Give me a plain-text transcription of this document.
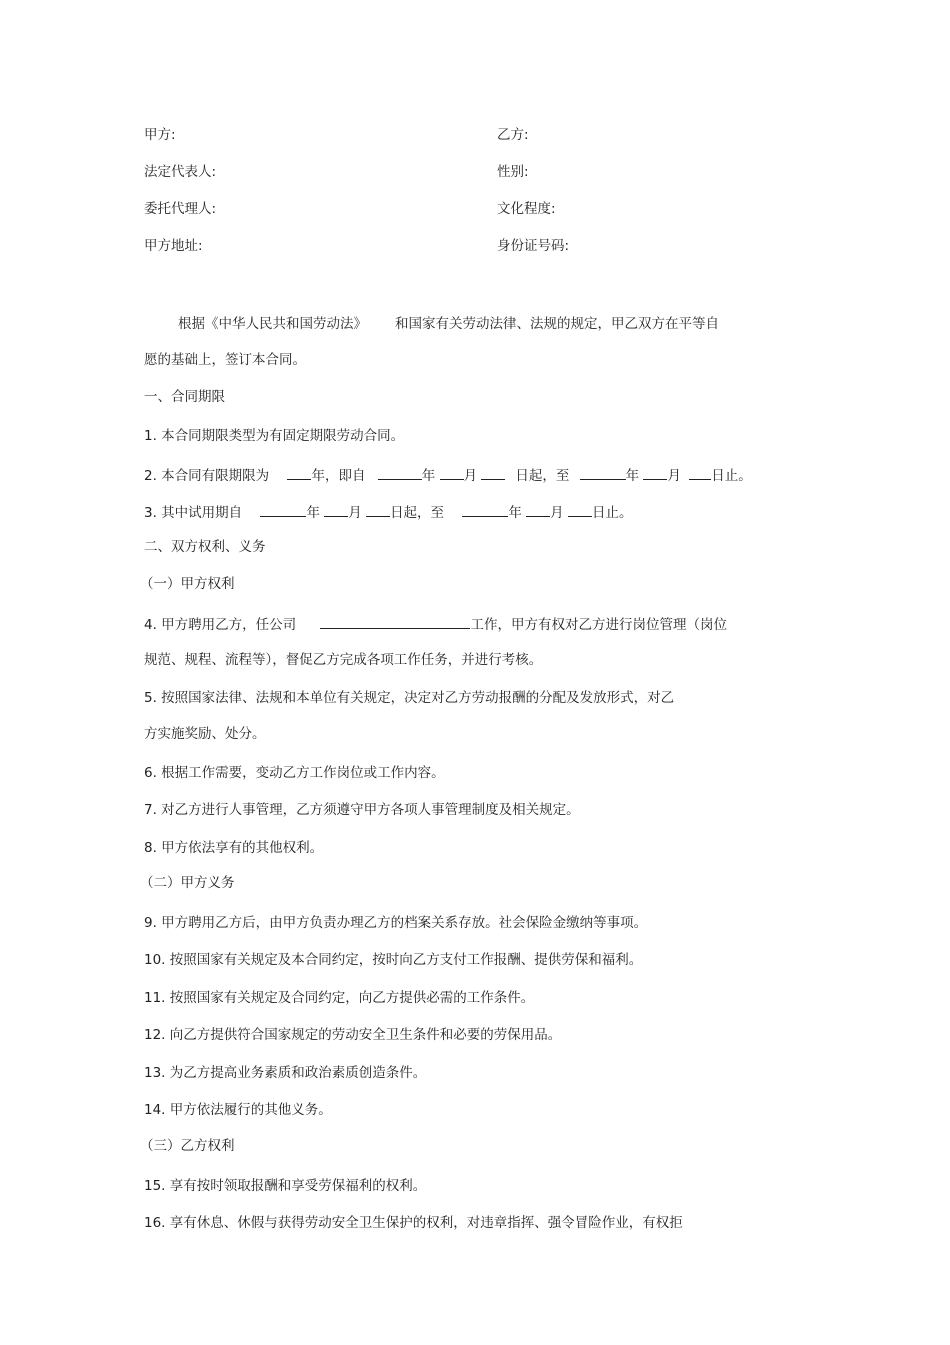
甲方:	乙方:
法定代表人:	性别:
委托代理人:	文化程度:
甲方地址:	身份证号码:
根据《中华人民共和国劳动法》 和国家有关劳动法律、法规的规定，甲乙双方在平等自
愿的基础上，签订本合同。
一、合同期限
1. 本合同期限类型为有固定期限劳动合同。
2. 本合同有限期限为	年，即自	年 月	日起，至	年 月 日止。
3. 其中试用期自	年 月 日起，至	年 月 日止。
二、双方权利、义务
（一）甲方权利
4. 甲方聘用乙方，任公司	工作，甲方有权对乙方进行岗位管理（岗位
规范、规程、流程等），督促乙方完成各项工作任务，并进行考核。
5. 按照国家法律、法规和本单位有关规定，决定对乙方劳动报酬的分配及发放形式，对乙
方实施奖励、处分。
6. 根据工作需要，变动乙方工作岗位或工作内容。
7. 对乙方进行人事管理，乙方须遵守甲方各项人事管理制度及相关规定。
8. 甲方依法享有的其他权利。
（二）甲方义务
9. 甲方聘用乙方后，由甲方负责办理乙方的档案关系存放。社会保险金缴纳等事项。
10. 按照国家有关规定及本合同约定，按时向乙方支付工作报酬、提供劳保和福利。
11. 按照国家有关规定及合同约定，向乙方提供必需的工作条件。
12. 向乙方提供符合国家规定的劳动安全卫生条件和必要的劳保用品。
13. 为乙方提高业务素质和政治素质创造条件。
14. 甲方依法履行的其他义务。
（三）乙方权利
15. 享有按时领取报酬和享受劳保福利的权利。
16. 享有休息、休假与获得劳动安全卫生保护的权利，对违章指挥、强令冒险作业，有权拒
